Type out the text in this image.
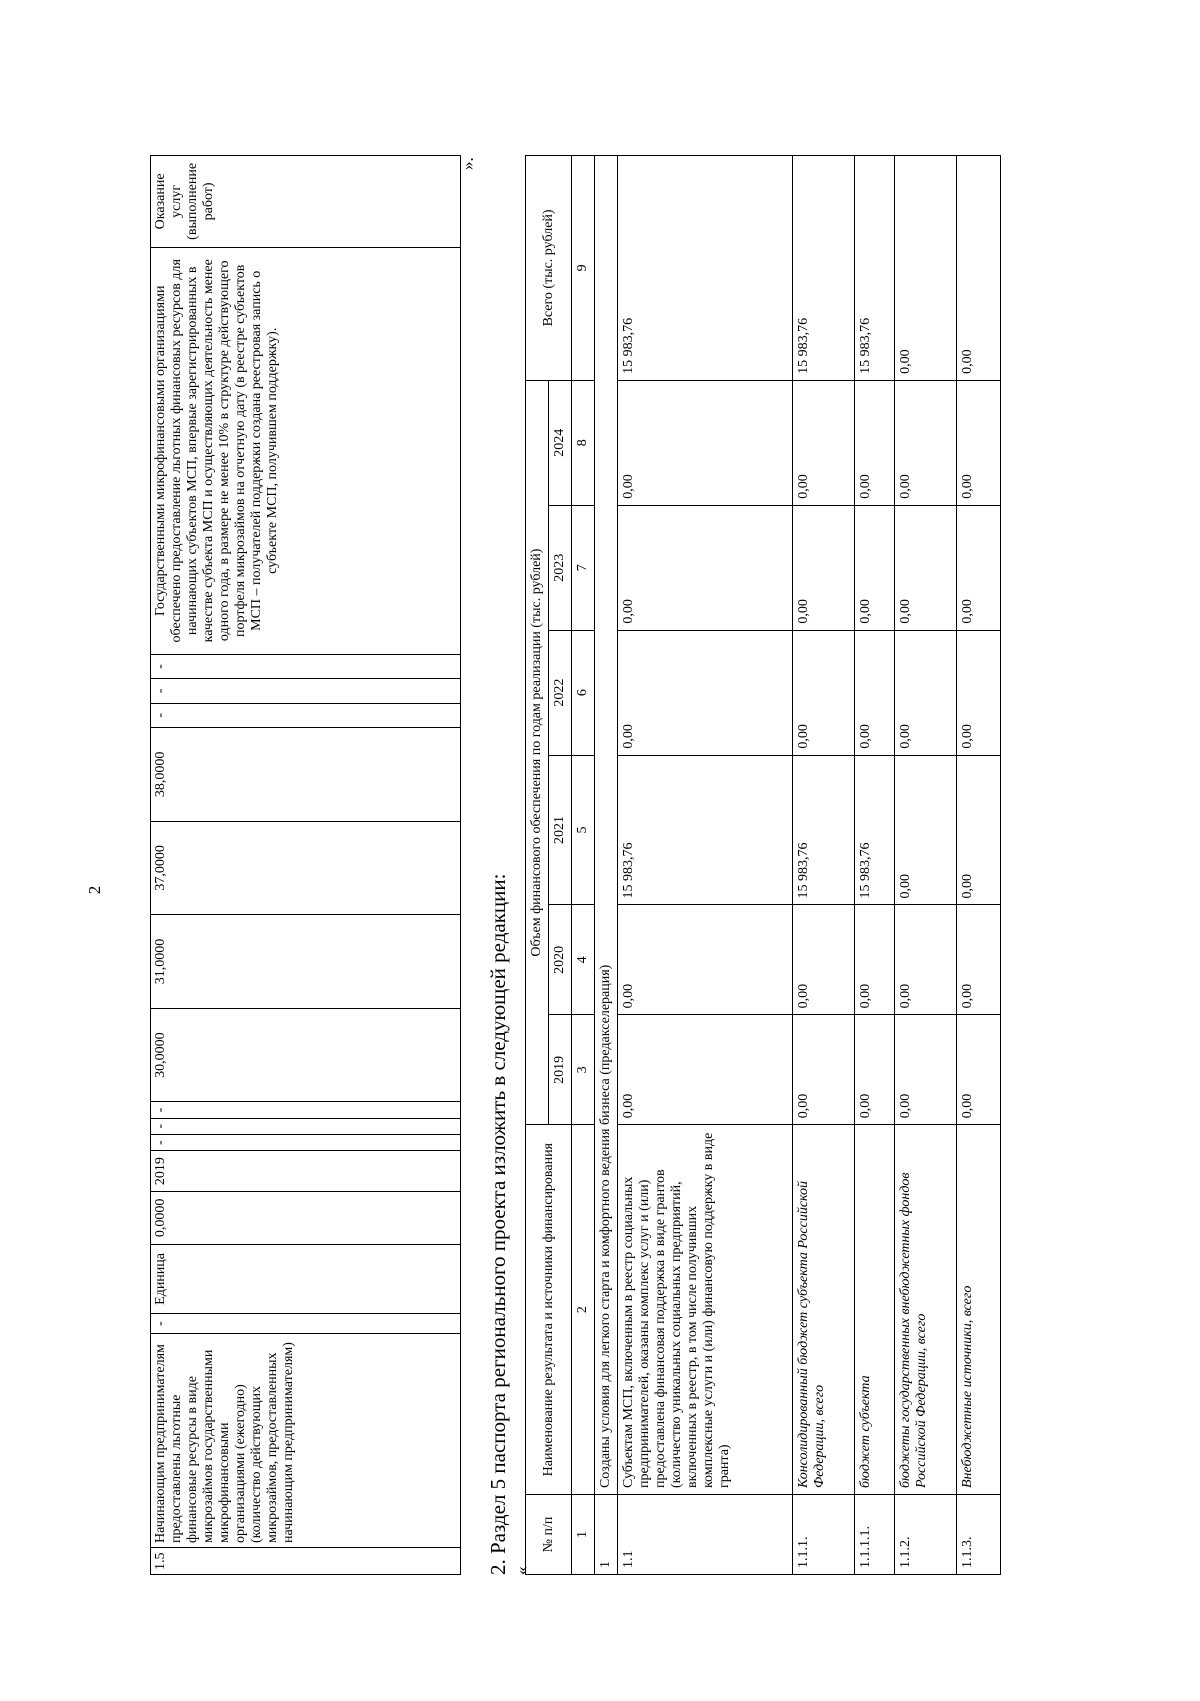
2
1.5	Начинающим предпринимателям предоставлены льготные финансовые ресурсы в виде микрозаймов государственными микрофинансовыми организациями (ежегодно) (количество действующих микрозаймов, предоставленных начинающим предпринимателям)	-	Единица	0,0000	2019	-	-	-	30,0000	31,0000	37,0000	38,0000	-	-	-	Государственными микрофинансовыми организациями обеспечено предоставление льготных финансовых ресурсов для начинающих субъектов МСП, впервые зарегистрированных в качестве субъекта МСП и осуществляющих деятельность менее одного года, в размере не менее 10% в структуре действующего портфеля микрозаймов на отчетную дату (в реестре субъектов МСП – получателей поддержки создана реестровая запись о субъекте МСП, получившем поддержку).	Оказание услуг (выполнение работ)
2. Раздел 5 паспорта регионального проекта изложить в следующей редакции: «
».
№ п/п	Наименование результата и источники финансирования	Объем финансового обеспечения по годам реализации (тыс. рублей)						Всего (тыс. рублей)
		2019	2020	2021	2022	2023	2024	
1	2	3	4	5	6	7	8	9
1	Созданы условия для легкого старта и комфортного ведения бизнеса (предакселерация)							
1.1	Субъектам МСП, включенным в реестр социальных предпринимателей, оказаны комплекс услуг и (или) предоставлена финансовая поддержка в виде грантов (количество уникальных социальных предприятий, включенных в реестр, в том числе получивших комплексные услуги и (или) финансовую поддержку в виде гранта)	0,00	0,00	15 983,76	0,00	0,00	0,00	15 983,76
1.1.1.	Консолидированный бюджет субъекта Российской Федерации, всего	0,00	0,00	15 983,76	0,00	0,00	0,00	15 983,76
1.1.1.1.	бюджет субъекта	0,00	0,00	15 983,76	0,00	0,00	0,00	15 983,76
1.1.2.	бюджеты государственных внебюджетных фондов Российской Федерации, всего	0,00	0,00	0,00	0,00	0,00	0,00	0,00
1.1.3.	Внебюджетные источники, всего	0,00	0,00	0,00	0,00	0,00	0,00	0,00
